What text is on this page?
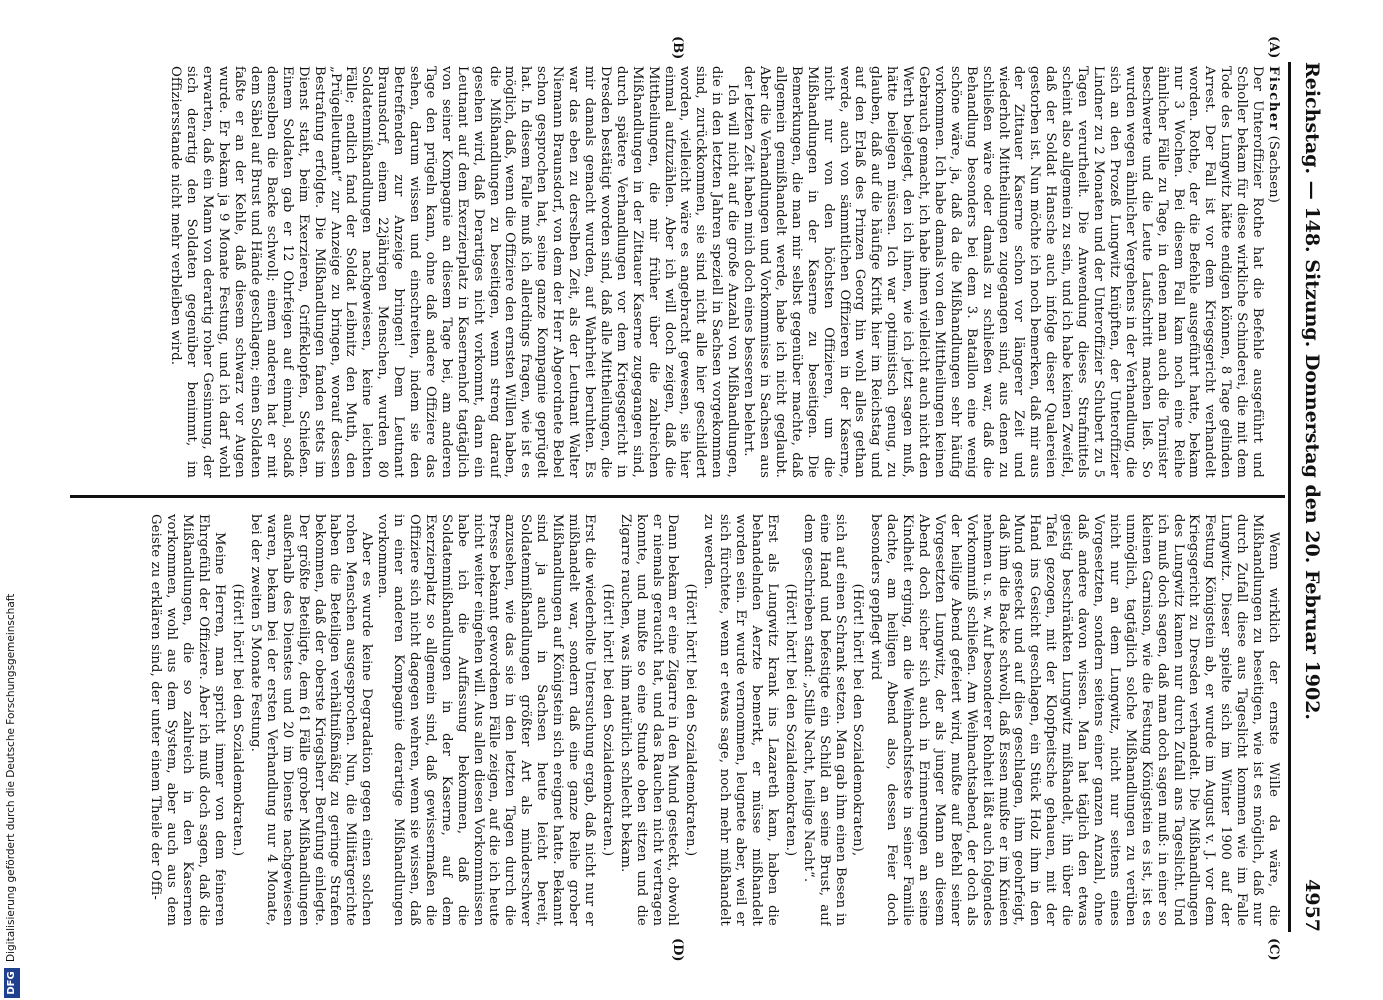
Reichstag. — 148. Sitzung. Donnerstag den 20. Februar 1902.
4957
(A)
(B)
(C)
(D)

Fischer (Sachsen)

Der Unteroffizier Rothe hat die Befehle ausgeführt und Scholler bekam für diese wirkliche Schinderei, die mit dem Tode des Lungwitz hätte endigen können, 8 Tage gelinden Arrest. Der Fall ist vor dem Kriegsgericht verhandelt worden. Rothe, der die Befehle ausgeführt hatte, bekam nur 3 Wochen. Bei diesem Fall kam noch eine Reihe ähnlicher Fälle zu Tage, in denen man auch die Tornister beschwerte und die Leute Laufschritt machen ließ. So wurden wegen ähnlicher Vergehens in der Verhandlung, die sich an den Prozeß Lungwitz knüpften, der Unteroffizier Lindner zu 2 Monaten und der Unteroffizier Schubert zu 5 Tagen verurtheilt. Die Anwendung dieses Strafmittels scheint also allgemein zu sein, und ich habe keinen Zweifel, daß der Soldat Hansche auch infolge dieser Qualereien gestorben ist. Nun möchte ich noch bemerken, daß mir aus der Zittauer Kaserne schon vor längerer Zeit und wiederholt Mittheilungen zugegangen sind, aus denen zu schließen wäre oder damals zu schließen war, daß die Behandlung besonders bei dem 3. Bataillon eine wenig schöne wäre, ja, daß da die Mißhandlungen sehr häufig vorkommen. Ich habe damals von den Mittheilungen keinen Gebrauch gemacht, ich habe ihnen vielleicht auch nicht den Werth beigelegt, den ich ihnen, wie ich jetzt sagen muß, hätte beilegen müssen. Ich war optimistisch genug, zu glauben, daß auf die häufige Kritik hier im Reichstag und auf den Erlaß des Prinzen Georg hin wohl alles gethan werde, auch von sämmtlichen Offizieren in der Kaserne, nicht nur von den höchsten Offizieren, um die Mißhandlungen in der Kaserne zu beseitigen. Die Bemerkungen, die man mir selbst gegenüber machte, daß allgemein gemißhandelt werde, habe ich nicht geglaubt. Aber die Verhandlungen und Vorkommnisse in Sachsen aus der letzten Zeit haben mich doch eines besseren belehrt.

Ich will nicht auf die große Anzahl von Mißhandlungen, die in den letzten Jahren speziell in Sachsen vorgekommen sind, zurückkommen, sie sind nicht alle hier geschildert worden, vielleicht wäre es angebracht gewesen, sie hier einmal aufzuzählen. Aber ich will doch zeigen, daß die Mittheilungen, die mir früher über die zahlreichen Mißhandlungen in der Zittauer Kaserne zugegangen sind, durch spätere Verhandlungen vor dem Kriegsgericht in Dresden bestätigt worden sind, daß alle Mittheilungen, die mir damals gemacht wurden, auf Wahrheit beruhten. Es war das eben zu derselben Zeit, als der Leutnant Walter Niemann Braunsdorf, von dem der Herr Abgeordnete Bebel schon gesprochen hat, seine ganze Kompagnie geprügelt hat. In diesem Falle muß ich allerdings fragen, wie ist es möglich, daß, wenn die Offiziere den ernsten Willen haben, die Mißhandlungen zu beseitigen, wenn streng darauf gesehen wird, daß Derartiges nicht vorkommt, dann ein Leutnant auf dem Exerzierplatz in Kasernenhof tagtäglich von seiner Kompagnie an diesem Tage bei, am anderen Tage den prügeln kann, ohne daß andere Offiziere das sehen, darum wissen und einschreiten, indem sie den Betreffenden zur Anzeige bringen! Dem Leutnant Braunsdorf, einem 22jährigen Menschen, wurden 80 Soldatenmißhandlungen nachgewiesen, keine leichten Fälle; endlich fand der Soldat Leibnitz den Muth, den „Prügelleutnant“ zur Anzeige zu bringen, worauf dessen Bestrafung erfolgte. Die Mißhandlungen fanden stets im Dienst statt, beim Exerzieren, Griffeklopfen, Schießen. Einem Soldaten gab er 12 Ohrfeigen auf einmal, sodaß demselben die Backe schwoll; einem anderen hat er mit dem Säbel auf Brust und Hände geschlagen; einen Soldaten faßte er an der Kehle, daß diesem schwarz vor Augen wurde. Er bekam ja 9 Monate Festung, und ich darf wohl erwarten, daß ein Mann von derartig roher Gesinnung, der sich derartig den Soldaten gegenüber benimmt, im Offiziersstande nicht mehr verbleiben wird.

Wenn wirklich der ernste Wille da wäre, die Mißhandlungen zu beseitigen, wie ist es möglich, daß nur durch Zufall diese aus Tageslicht kommen wie im Falle Lungwitz. Dieser spielte sich im Winter 1900 auf der Festung Königstein ab, er wurde im August v. J. vor dem Kriegsgericht zu Dresden verhandelt. Die Mißhandlungen des Lungwitz kamen nur durch Zufall ans Tageslicht. Und ich muß doch sagen, daß man doch sagen muß: in einer so kleinen Garnison, wie die Festung Königstein es ist, ist es unmöglich, tagtäglich solche Mißhandlungen zu verüben nicht nur an dem Lungwitz, nicht nur seitens eines Vorgesetzten, sondern seitens einer ganzen Anzahl, ohne daß andere davon wissen. Man hat täglich den etwas geistig beschränkten Lungwitz mißhandelt, ihn über die Tafel gezogen, mit der Klopfpeitsche gehauen, mit der Hand ins Gesicht geschlagen, ein Stück Holz ihm in den Mund gesteckt und auf dies geschlagen, ihm geohrfeigt, daß ihm die Backe schwoll, daß Essen mußte er im Knieen nehmen u. s. w. Auf besonderer Rohheit läßt auch folgendes Vorkommniß schließen. Am Weihnachtsabend, der doch als der heilige Abend gefeiert wird, mußte auf Befehl seiner Vorgesetzten Lungwitz, der als junger Mann an diesem Abend doch sicher sich auch in Erinnerungen an seine Kindheit erging, an die Weihnachtsfeste in seiner Familie dachte, am heiligen Abend also, dessen Feier doch besonders gepflegt wird

(Hört! hört! bei den Sozialdemokraten),

sich auf einen Schrank setzen. Man gab ihm einen Besen in eine Hand und befestigte ein Schild an seine Brust, auf dem geschrieben stand: „Stille Nacht, heilige Nacht“.

(Hört! hört! bei den Sozialdemokraten.)

Erst als Lungwitz krank ins Lazareth kam, haben die behandelnden Aerzte bemerkt, er müsse mißhandelt worden sein. Er wurde vernommen, leugnete aber, weil er sich fürchtete, wenn er etwas sage, noch mehr mißhandelt zu werden.

(Hört! hört! bei den Sozialdemokraten.)

Dann bekam er eine Zigarre in den Mund gesteckt, obwohl er niemals geraucht hat, und das Rauchen nicht vertragen konnte, und mußte so eine Stunde oben sitzen und die Zigarre rauchen, was ihm natürlich schlecht bekam.

(Hört! hört! bei den Sozialdemokraten.)

Erst die wiederholte Untersuchung ergab, daß nicht nur er mißhandelt war, sondern daß eine ganze Reihe grober Mißhandlungen auf Königstein sich ereignet hatte. Bekannt sind ja auch in Sachsen heute leicht bereit, Soldatenmißhandlungen größter Art als minderschwer anzusehen, wie das sie in den letzten Tagen durch die Presse bekannt gewordenen Fälle zeigen, auf die ich heute nicht weiter eingehen will. Aus allen diesen Vorkommnissen habe ich die Auffassung bekommen, daß die Soldatenmißhandlungen in der Kaserne, auf dem Exerzierplatz so allgemein sind, daß gewissermaßen die Offiziere sich nicht dagegen wehren, wenn sie wissen, daß in einer anderen Kompagnie derartige Mißhandlungen vorkommen.

Aber es wurde keine Degradation gegen einen solchen rohen Menschen ausgesprochen. Nun, die Militärgerichte haben die Beteiligen verhältnißmäßig zu geringe Strafen bekommen, daß der oberste Kriegsherr Berufung einlegte. Der größte Beteiligte, dem 61 Fälle grober Mißhandlungen außerhalb des Dienstes und 20 im Dienste nachgewiesen waren, bekam bei der ersten Verhandlung nur 4 Monate, bei der zweiten 5 Monate Festung.

(Hört! hört! bei den Sozialdemokraten.)

Meine Herren, man spricht immer von dem feineren Ehrgefühl der Offiziere. Aber ich muß doch sagen, daß die Mißhandlungen, die so zahlreich in den Kasernen vorkommen, wohl aus dem System, aber auch aus dem Geiste zu erklären sind, der unter einem Theile der Offi-

DFG
Digitalisierung gefördert durch die Deutsche Forschungsgemeinschaft
